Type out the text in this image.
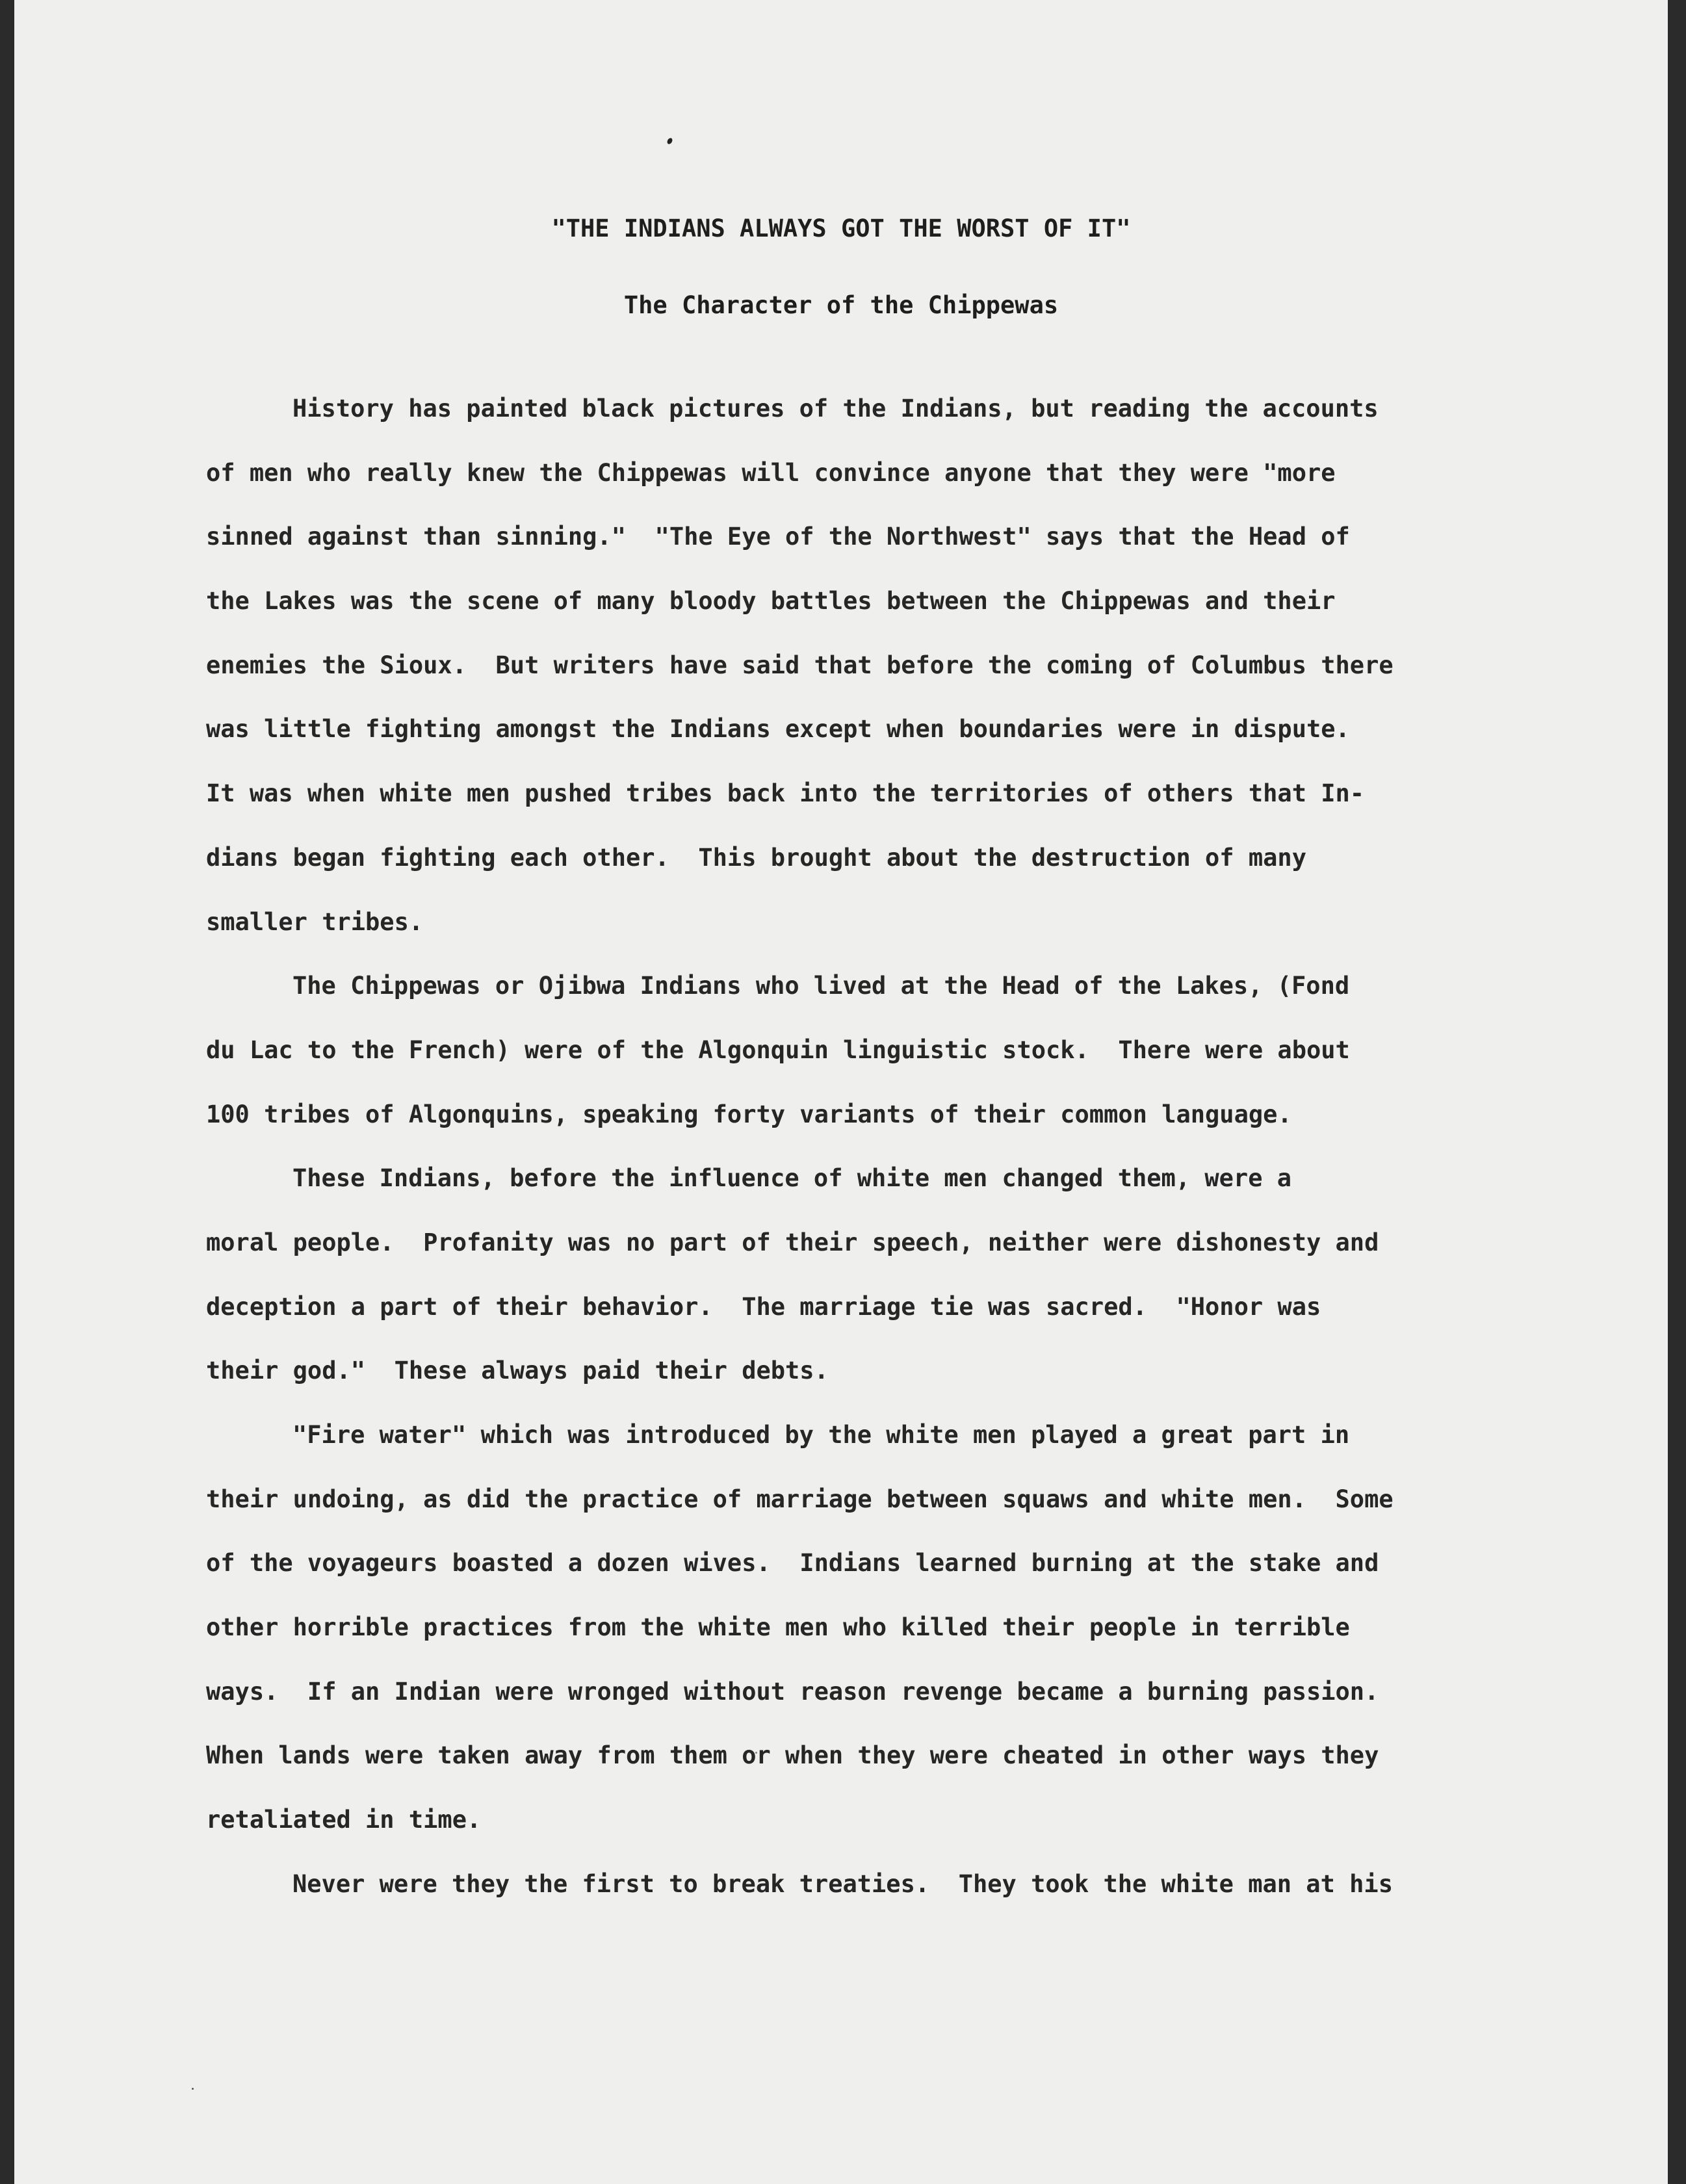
"THE INDIANS ALWAYS GOT THE WORST OF IT"
The Character of the Chippewas
History has painted black pictures of the Indians, but reading the accounts
of men who really knew the Chippewas will convince anyone that they were "more
sinned against than sinning."  "The Eye of the Northwest" says that the Head of
the Lakes was the scene of many bloody battles between the Chippewas and their
enemies the Sioux.  But writers have said that before the coming of Columbus there
was little fighting amongst the Indians except when boundaries were in dispute.
It was when white men pushed tribes back into the territories of others that In-
dians began fighting each other.  This brought about the destruction of many
smaller tribes.
The Chippewas or Ojibwa Indians who lived at the Head of the Lakes, (Fond
du Lac to the French) were of the Algonquin linguistic stock.  There were about
100 tribes of Algonquins, speaking forty variants of their common language.
These Indians, before the influence of white men changed them, were a
moral people.  Profanity was no part of their speech, neither were dishonesty and
deception a part of their behavior.  The marriage tie was sacred.  "Honor was
their god."  These always paid their debts.
"Fire water" which was introduced by the white men played a great part in
their undoing, as did the practice of marriage between squaws and white men.  Some
of the voyageurs boasted a dozen wives.  Indians learned burning at the stake and
other horrible practices from the white men who killed their people in terrible
ways.  If an Indian were wronged without reason revenge became a burning passion.
When lands were taken away from them or when they were cheated in other ways they
retaliated in time.
Never were they the first to break treaties.  They took the white man at his
